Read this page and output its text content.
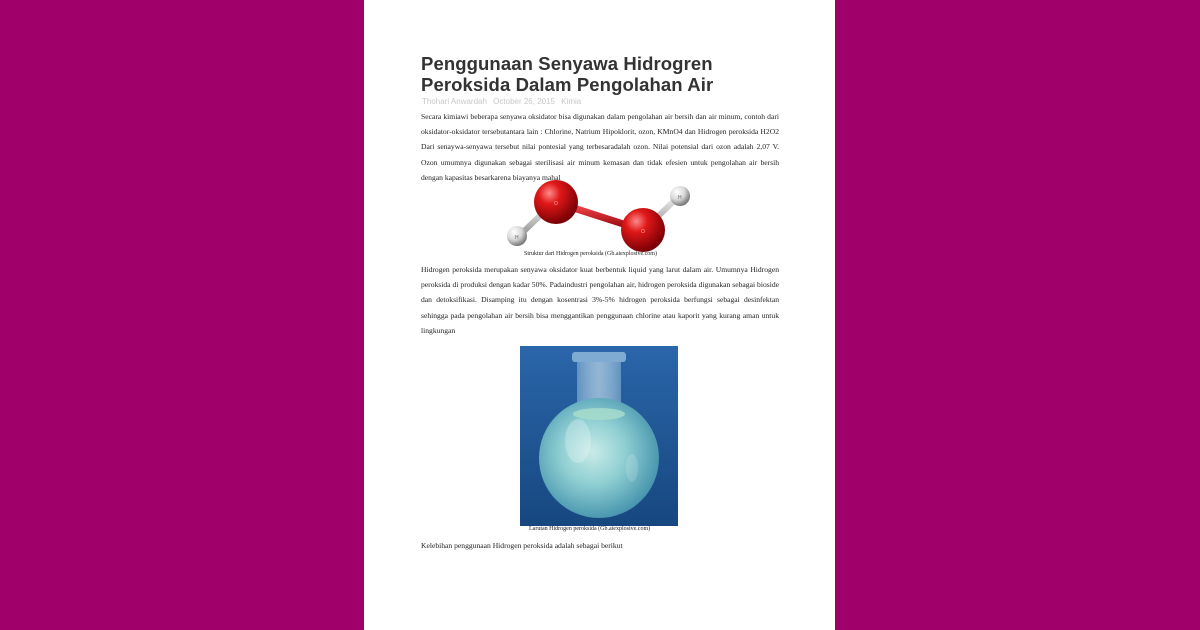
Penggunaan Senyawa Hidrogren Peroksida Dalam Pengolahan Air
Thohari Anwardah October 26, 2015 Kimia

Secara kimiawi beberapa senyawa oksidator bisa digunakan dalam pengolahan air bersih dan air minum, contoh dari oksidator-oksidator tersebutantara lain : Chlorine, Natrium Hipoklorit, ozon, KMnO4 dan Hidrogen peroksida H2O2 Dari senaywa-senyawa tersebut nilai pontesial yang terbesaradalah ozon. Nilai potensial dari ozon adalah 2,07 V. Ozon umumnya digunakan sebagai sterilisasi air minum kemasan dan tidak efesien untuk pengolahan air bersih dengan kapasitas besarkarena biayanya mahal

O
O
H
H
Struktur dari Hidrogen peroksida (Gb.aiexplosive.com)

Hidrogen peroksida merupakan senyawa oksidator kuat berbentuk liquid yang larut dalam air. Umumnya Hidrogen peroksida di produksi dengan kadar 50%. Padaindustri pengolahan air, hidrogen peroksida digunakan sebagai bioside dan detoksifikasi. Disamping itu dengan kosentrasi 3%-5% hidrogen peroksida berfungsi sebagai desinfektan sehingga pada pengolahan air bersih bisa menggantikan penggunaan chlorine atau kaporit yang kurang aman untuk lingkungan

Larutan Hidrogen peroksida (Gb.aiexplosive.com)

Kelebihan penggunaan Hidrogen peroksida adalah sebagai berikut
